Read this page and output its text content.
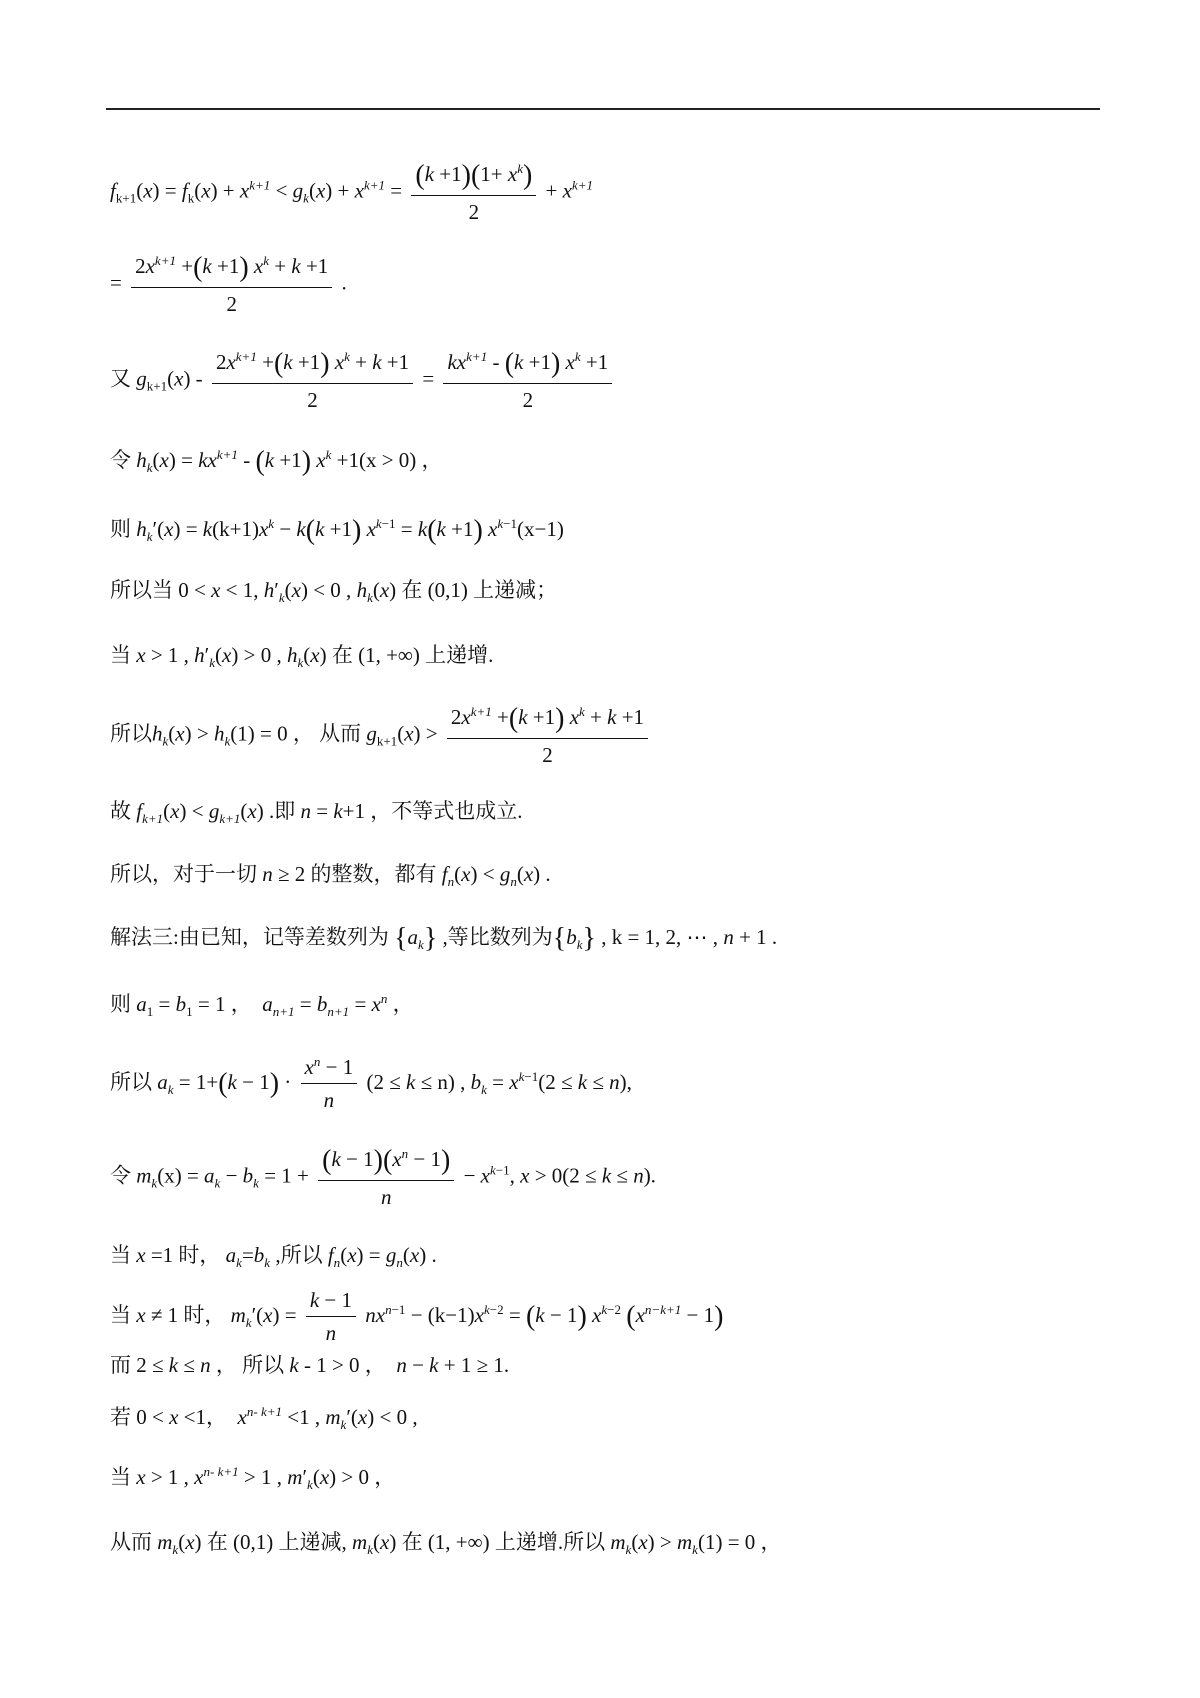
$f_{k+1}(x) = f_k(x) + x^{k+1} < g_k(x) + x^{k+1} = \frac{(k +1)(1+ x^k)}{2} + x^{k+1}$
= $\frac{2x^{k+1} +(k +1) x^k + k +1}{2}$ .
又 $g_{k+1}(x) - \frac{2x^{k+1} +(k +1) x^k + k +1}{2} = \frac{kx^{k+1} - (k +1) x^k +1}{2}$
令 $h_k(x) = kx^{k+1} - (k +1)$ $x^k +1(x > 0)$ ，
则 $h_k'(x) = k(k+1)x^k - k(k +1) x^{k-1} = k(k +1)$ $x^{k-1}(x-1)$
所以当 0 < x < 1, $h'_k(x) < 0$ , $h_k(x)$ 在 (0,1) 上递减；
当 x > 1 , $h'_k(x) > 0$ , $h_k(x)$ 在 (1, +∞) 上递增.
所以$h_k(x) > h_k(1) = 0$ ， 从而 $g_{k+1}(x) > \frac{2x^{k+1} +(k +1) x^k + k +1}{2}$
故 $f_{k+1}(x) < g_{k+1}(x)$ .即 n = k+1 ，不等式也成立.
所以，对于一切 n ≥ 2 的整数，都有 $f_n(x) < g_n(x)$ .
解法三:由已知，记等差数列为 $\{a_k\}$ ,等比数列为$\{b_k\}$ , k = 1, 2, ⋯ , n + 1 .
则 $a_1 = b_1 = 1$ ，  $a_{n+1} = b_{n+1} = x^n$ ，
所以 $a_k = 1+(k - 1) \cdot \frac{x^n - 1}{n} (2 \le k \le n)$ , $b_k = x^{k-1}(2 \le k \le n)$,
令 $m_k(x) = a_k - b_k = 1 + \frac{(k - 1)(x^n - 1)}{n} - x^{k-1}$, x > 0(2 ≤ k ≤ n).
当 x =1 时， $a_k=b_k$ ,所以 $f_n(x) = g_n(x)$ .
当 x ≠ 1 时， $m_k'(x) = \frac{k - 1}{n} nx^{n-1} - (k-1)x^{k-2} = (k - 1)$ $x^{k-2}$ $(x^{n-k+1} - 1)$
而 2 ≤ k ≤ n ， 所以 k - 1 > 0 ，  n − k + 1 ≥ 1.
若 0 < x <1，  $x^{n- k+1} <1$ , $m_k'(x) < 0$ ,
当 x > 1 , $x^{n- k+1} > 1$ , $m'_k(x) > 0$ ，
从而 $m_k(x)$ 在 (0,1) 上递减, $m_k(x)$ 在 (1, +∞) 上递增.所以 $m_k(x) > m_k(1) = 0$ ，
